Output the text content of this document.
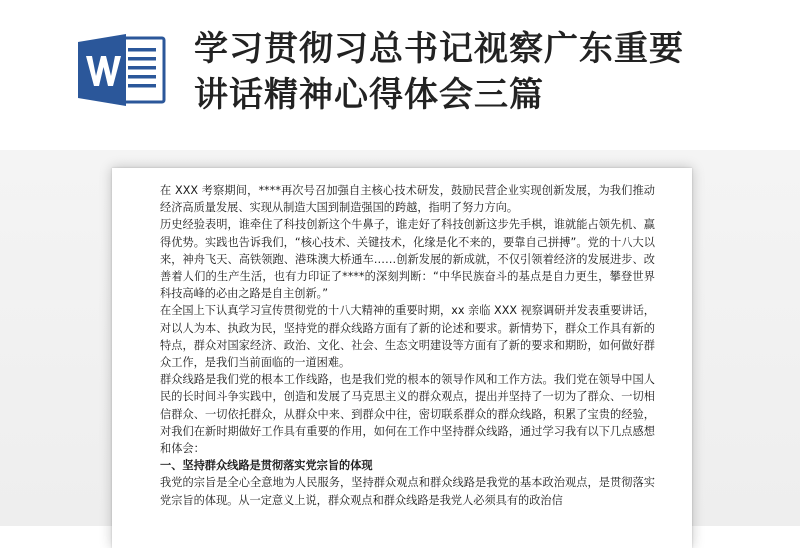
学习贯彻习总书记视察广东重要
讲话精神心得体会三篇

在 XXX 考察期间，****再次号召加强自主核心技术研发，鼓励民营企业实现创新发展，为我们推动经济高质量发展、实现从制造大国到制造强国的跨越，指明了努力方向。

历史经验表明，谁牵住了科技创新这个牛鼻子，谁走好了科技创新这步先手棋，谁就能占领先机、赢得优势。实践也告诉我们，“核心技术、关键技术，化缘是化不来的，要靠自己拼搏”。党的十八大以来，神舟飞天、高铁领跑、港珠澳大桥通车……创新发展的新成就，不仅引领着经济的发展进步、改善着人们的生产生活，也有力印证了****的深刻判断：“中华民族奋斗的基点是自力更生，攀登世界科技高峰的必由之路是自主创新。”

在全国上下认真学习宣传贯彻党的十八大精神的重要时期，xx 亲临 XXX 视察调研并发表重要讲话，对以人为本、执政为民，坚持党的群众线路方面有了新的论述和要求。新情势下，群众工作具有新的特点，群众对国家经济、政治、文化、社会、生态文明建设等方面有了新的要求和期盼，如何做好群众工作，是我们当前面临的一道困难。

群众线路是我们党的根本工作线路，也是我们党的根本的领导作风和工作方法。我们党在领导中国人民的长时间斗争实践中，创造和发展了马克思主义的群众观点，提出并坚持了一切为了群众、一切相信群众、一切依托群众，从群众中来、到群众中往，密切联系群众的群众线路，积累了宝贵的经验，对我们在新时期做好工作具有重要的作用，如何在工作中坚持群众线路，通过学习我有以下几点感想和体会：

一、坚持群众线路是贯彻落实党宗旨的体现

我党的宗旨是全心全意地为人民服务，坚持群众观点和群众线路是我党的基本政治观点，是贯彻落实党宗旨的体现。从一定意义上说，群众观点和群众线路是我党人必须具有的政治信
